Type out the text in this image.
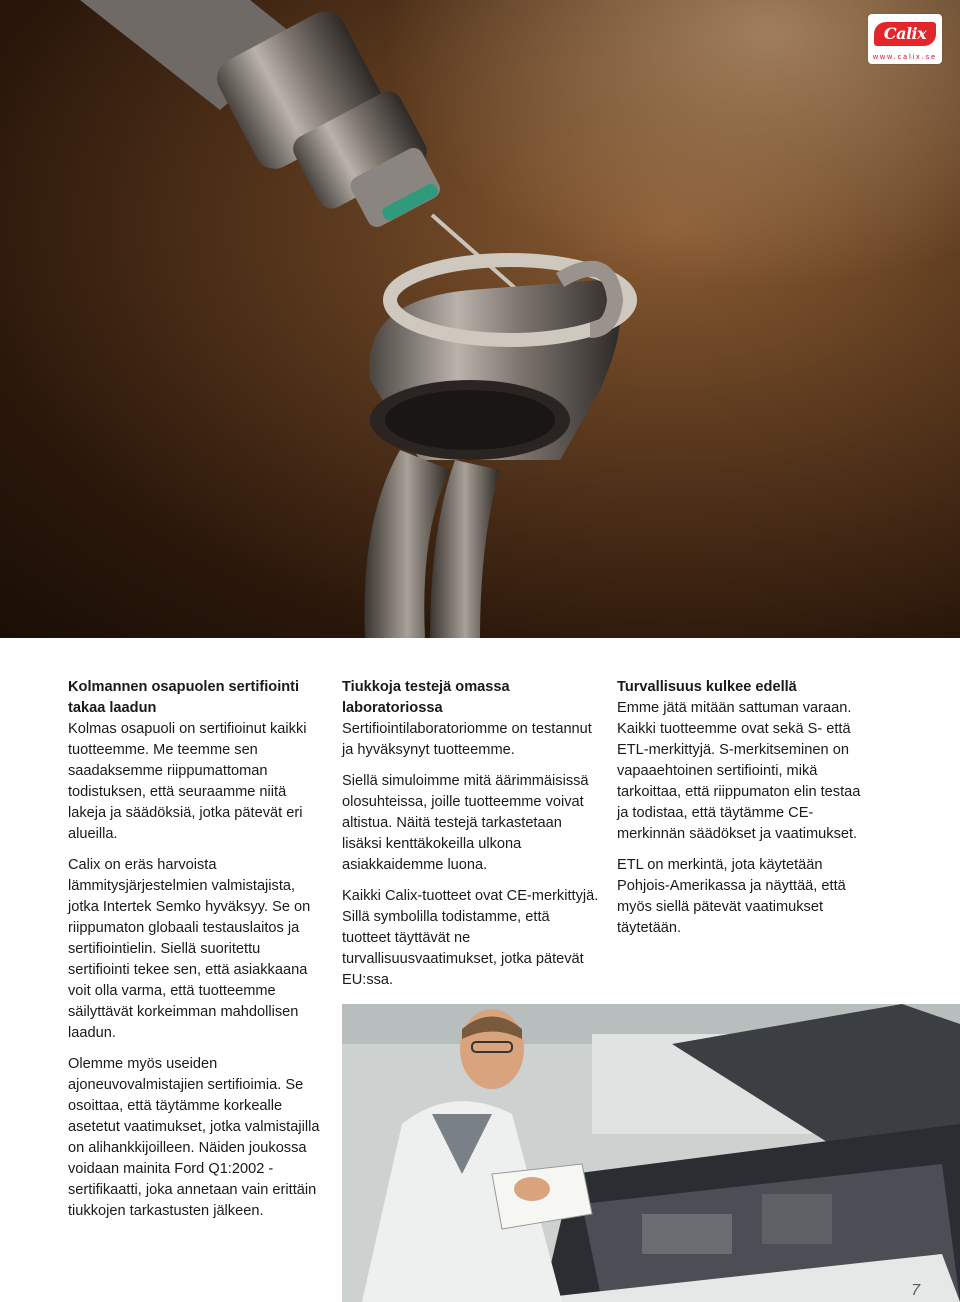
Calix
www.calix.se
Kolmannen osapuolen sertifiointi
takaa laadun

Kolmas osapuoli on sertifioinut kaikki tuotteemme. Me teemme sen saadaksemme riippumattoman todistuksen, että seuraamme niitä lakeja ja säädöksiä, jotka pätevät eri alueilla.

Calix on eräs harvoista lämmitysjärjestelmien valmistajista, jotka Intertek Semko hyväksyy. Se on riippumaton globaali testauslaitos ja sertifiointielin. Siellä suoritettu sertifiointi tekee sen, että asiakkaana voit olla varma, että tuotteemme säilyttävät korkeimman mahdollisen laadun.

Olemme myös useiden ajoneuvovalmistajien sertifioimia. Se osoittaa, että täytämme korkealle asetetut vaatimukset, jotka valmistajilla on alihankkijoilleen. Näiden joukossa voidaan mainita Ford Q1:2002 -sertifikaatti, joka annetaan vain erittäin tiukkojen tarkastusten jälkeen.

Tiukkoja testejä omassa laboratoriossa

Sertifiointilaboratoriomme on testannut ja hyväksynyt tuotteemme.

Siellä simuloimme mitä äärimmäisissä olosuhteissa, joille tuotteemme voivat altistua. Näitä testejä tarkastetaan lisäksi kenttäkokeilla ulkona asiakkaidemme luona.

Kaikki Calix-tuotteet ovat CE-merkittyjä. Sillä symbolilla todistamme, että tuotteet täyttävät ne turvallisuusvaatimukset, jotka pätevät EU:ssa.

Turvallisuus kulkee edellä

Emme jätä mitään sattuman varaan. Kaikki tuotteemme ovat sekä S- että ETL-merkittyjä. S-merkitseminen on vapaaehtoinen sertifiointi, mikä tarkoittaa, että riippumaton elin testaa ja todistaa, että täytämme CE-merkinnän säädökset ja vaatimukset.

ETL on merkintä, jota käytetään Pohjois-Amerikassa ja näyttää, että myös siellä pätevät vaatimukset täytetään.

7
